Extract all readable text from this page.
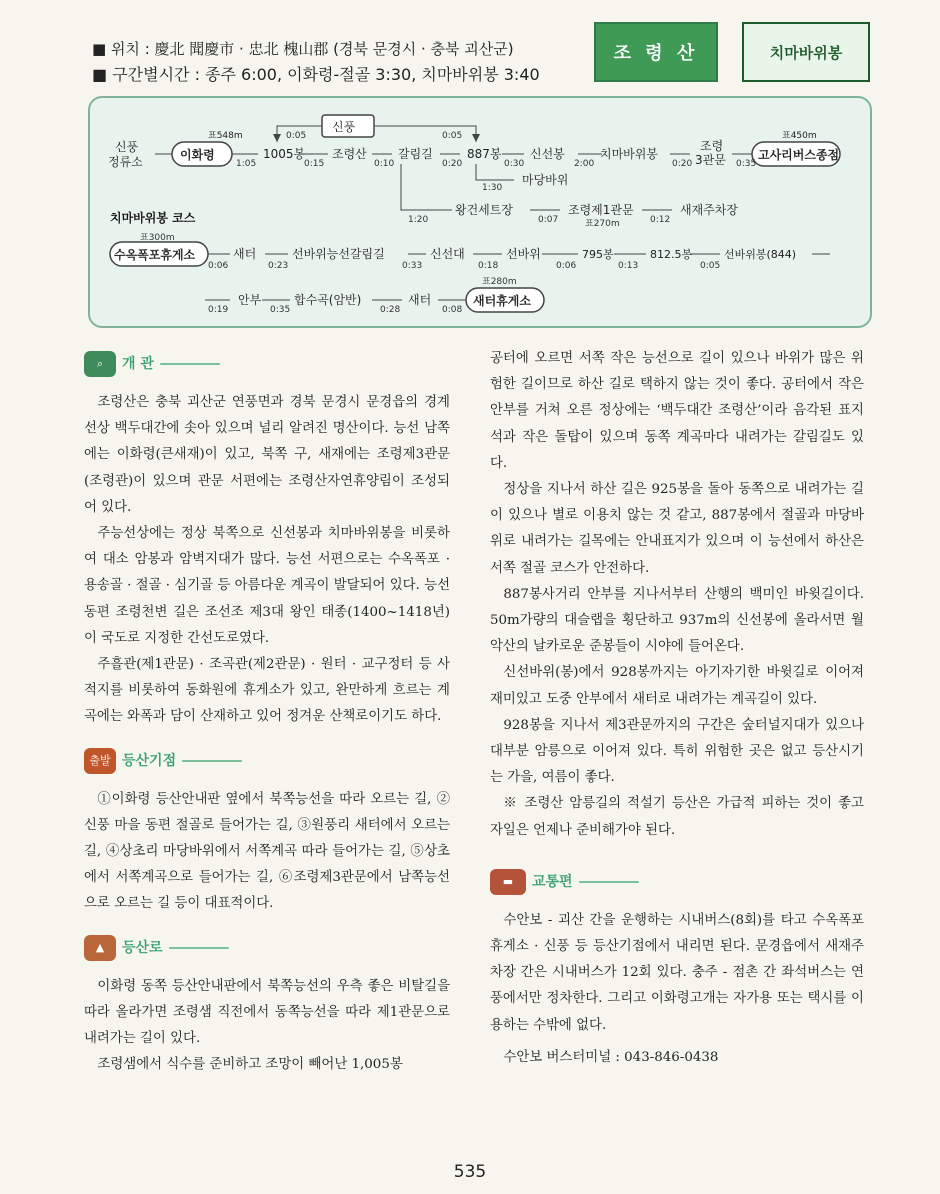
■ 위치 : 慶北 聞慶市 · 忠北 槐山郡 (경북 문경시 · 충북 괴산군)
■ 구간별시간 : 종주 6:00, 이화령-절골 3:30, 치마바위봉 3:40
조 령 산	치마바위봉
신풍
정류소	이화령
표548m
1005봉 조령산	갈림길	887봉 신선봉	치마바위봉
조령
3관문	고사리버스종점
표450m
신풍
마당바위
1:05	0:15	0:10	0:20	0:30	2:00	0:20	0:35
0:05	0:05
1:30
왕건세트장	조령제1관문	새재주차장
표270m
1:20	0:07	0:12
치마바위봉 코스
수옥폭포휴게소	새터	선바위능선갈림길	신선대	선바위	795봉	812.5봉	선바위봉(844)
표300m
0:06	0:23	0:33	0:18	0:06	0:13	0:05
안부	합수곡(암반)	새터	새터휴게소
표280m
0:19	0:35	0:28	0:08
⌕	개 관

조령산은 충북 괴산군 연풍면과 경북 문경시 문경읍의 경계선상 백두대간에 솟아 있으며 널리 알려진 명산이다. 능선 남쪽에는 이화령(큰새재)이 있고, 북쪽 구, 새재에는 조령제3관문(조령관)이 있으며 관문 서편에는 조령산자연휴양림이 조성되어 있다.

주능선상에는 정상 북쪽으로 신선봉과 치마바위봉을 비롯하여 대소 암봉과 암벽지대가 많다. 능선 서편으로는 수옥폭포 · 용송골 · 절골 · 심기골 등 아름다운 계곡이 발달되어 있다. 능선 동편 조령천변 길은 조선조 제3대 왕인 태종(1400~1418년)이 국도로 지정한 간선도로였다.

주흘관(제1관문) · 조곡관(제2관문) · 원터 · 교구정터 등 사적지를 비롯하여 동화원에 휴게소가 있고, 완만하게 흐르는 계곡에는 와폭과 담이 산재하고 있어 정겨운 산책로이기도 하다.

출발 등산기점

①이화령 등산안내판 옆에서 북쪽능선을 따라 오르는 길, ②신풍 마을 동편 절골로 들어가는 길, ③원풍리 새터에서 오르는 길, ④상초리 마당바위에서 서쪽계곡 따라 들어가는 길, ⑤상초에서 서쪽계곡으로 들어가는 길, ⑥조령제3관문에서 남쪽능선으로 오르는 길 등이 대표적이다.

▲	등산로

이화령 동쪽 등산안내판에서 북쪽능선의 우측 좋은 비탈길을 따라 올라가면 조령샘 직전에서 동쪽능선을 따라 제1관문으로 내려가는 길이 있다.

조령샘에서 식수를 준비하고 조망이 빼어난 1,005봉

공터에 오르면 서쪽 작은 능선으로 길이 있으나 바위가 많은 위험한 길이므로 하산 길로 택하지 않는 것이 좋다. 공터에서 작은 안부를 거쳐 오른 정상에는 ‘백두대간 조령산’이라 음각된 표지석과 작은 돌탑이 있으며 동쪽 계곡마다 내려가는 갈림길도 있다.

정상을 지나서 하산 길은 925봉을 돌아 동쪽으로 내려가는 길이 있으나 별로 이용치 않는 것 같고, 887봉에서 절골과 마당바위로 내려가는 길목에는 안내표지가 있으며 이 능선에서 하산은 서쪽 절골 코스가 안전하다.

887봉사거리 안부를 지나서부터 산행의 백미인 바윗길이다. 50m가량의 대슬랩을 횡단하고 937m의 신선봉에 올라서면 월악산의 날카로운 준봉들이 시야에 들어온다.

신선바위(봉)에서 928봉까지는 아기자기한 바윗길로 이어져 재미있고 도중 안부에서 새터로 내려가는 계곡길이 있다.

928봉을 지나서 제3관문까지의 구간은 숲터널지대가 있으나 대부분 암릉으로 이어져 있다. 특히 위험한 곳은 없고 등산시기는 가을, 여름이 좋다.

※ 조령산 암릉길의 적설기 등산은 가급적 피하는 것이 좋고 자일은 언제나 준비해가야 된다.

▬	교통편

수안보 - 괴산 간을 운행하는 시내버스(8회)를 타고 수옥폭포휴게소 · 신풍 등 등산기점에서 내리면 된다. 문경읍에서 새재주차장 간은 시내버스가 12회 있다. 충주 - 점촌 간 좌석버스는 연풍에서만 정차한다. 그리고 이화령고개는 자가용 또는 택시를 이용하는 수밖에 없다.

수안보 버스터미널 : 043-846-0438

535
